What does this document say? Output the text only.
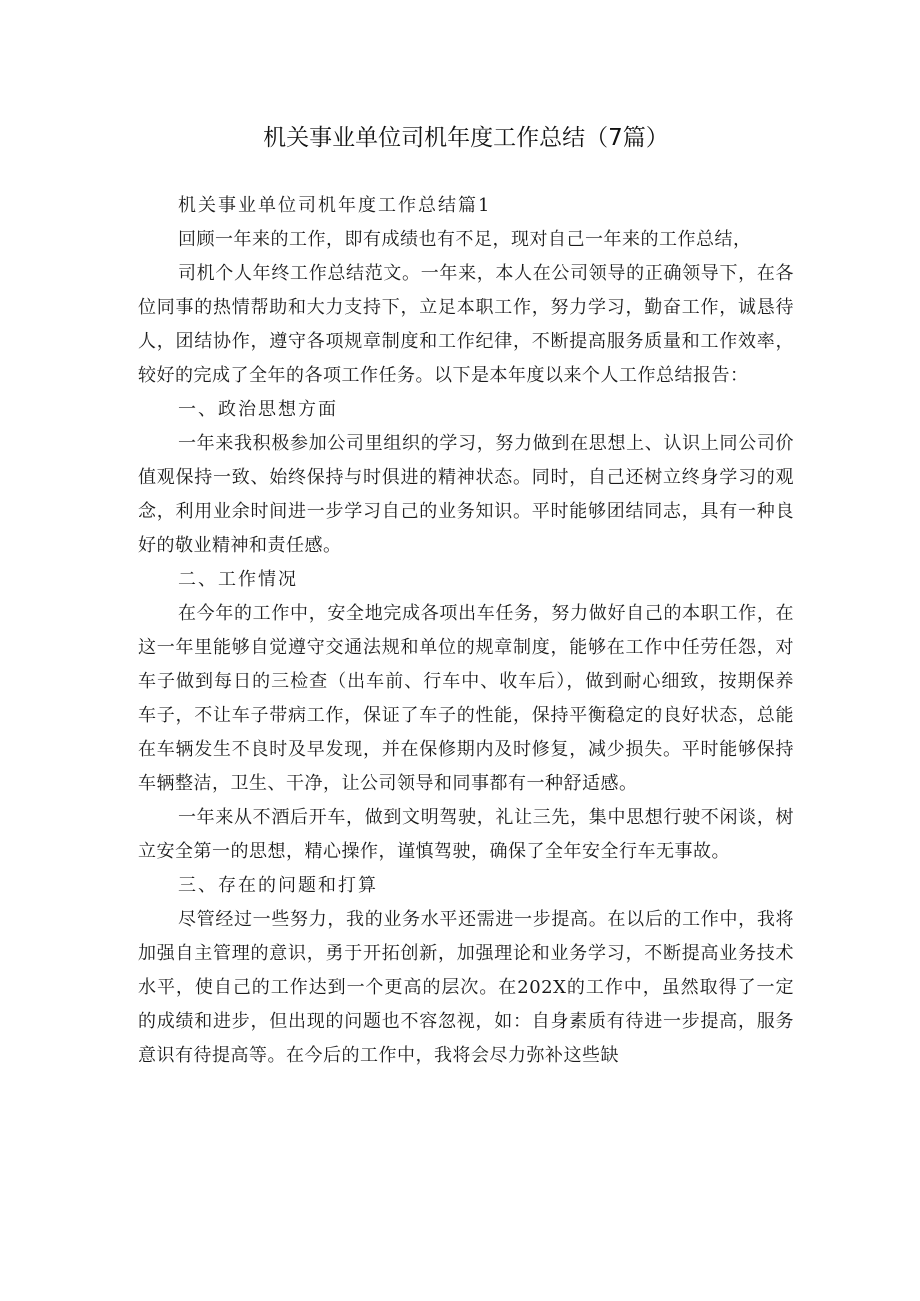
机关事业单位司机年度工作总结（7篇）

机关事业单位司机年度工作总结篇1

回顾一年来的工作，即有成绩也有不足，现对自己一年来的工作总结，

司机个人年终工作总结范文。一年来，本人在公司领导的正确领导下，在各位同事的热情帮助和大力支持下，立足本职工作，努力学习，勤奋工作，诚恳待人，团结协作，遵守各项规章制度和工作纪律，不断提高服务质量和工作效率，较好的完成了全年的各项工作任务。以下是本年度以来个人工作总结报告：

一、政治思想方面

一年来我积极参加公司里组织的学习，努力做到在思想上、认识上同公司价值观保持一致、始终保持与时俱进的精神状态。同时，自己还树立终身学习的观念，利用业余时间进一步学习自己的业务知识。平时能够团结同志，具有一种良好的敬业精神和责任感。

二、工作情况

在今年的工作中，安全地完成各项出车任务，努力做好自己的本职工作，在这一年里能够自觉遵守交通法规和单位的规章制度，能够在工作中任劳任怨，对车子做到每日的三检查（出车前、行车中、收车后），做到耐心细致，按期保养车子，不让车子带病工作，保证了车子的性能，保持平衡稳定的良好状态，总能在车辆发生不良时及早发现，并在保修期内及时修复，减少损失。平时能够保持车辆整洁，卫生、干净，让公司领导和同事都有一种舒适感。

一年来从不酒后开车，做到文明驾驶，礼让三先，集中思想行驶不闲谈，树立安全第一的思想，精心操作，谨慎驾驶，确保了全年安全行车无事故。

三、存在的问题和打算

尽管经过一些努力，我的业务水平还需进一步提高。在以后的工作中，我将加强自主管理的意识，勇于开拓创新，加强理论和业务学习，不断提高业务技术水平，使自己的工作达到一个更高的层次。在202X的工作中，虽然取得了一定的成绩和进步，但出现的问题也不容忽视，如：自身素质有待进一步提高，服务意识有待提高等。在今后的工作中，我将会尽力弥补这些缺
